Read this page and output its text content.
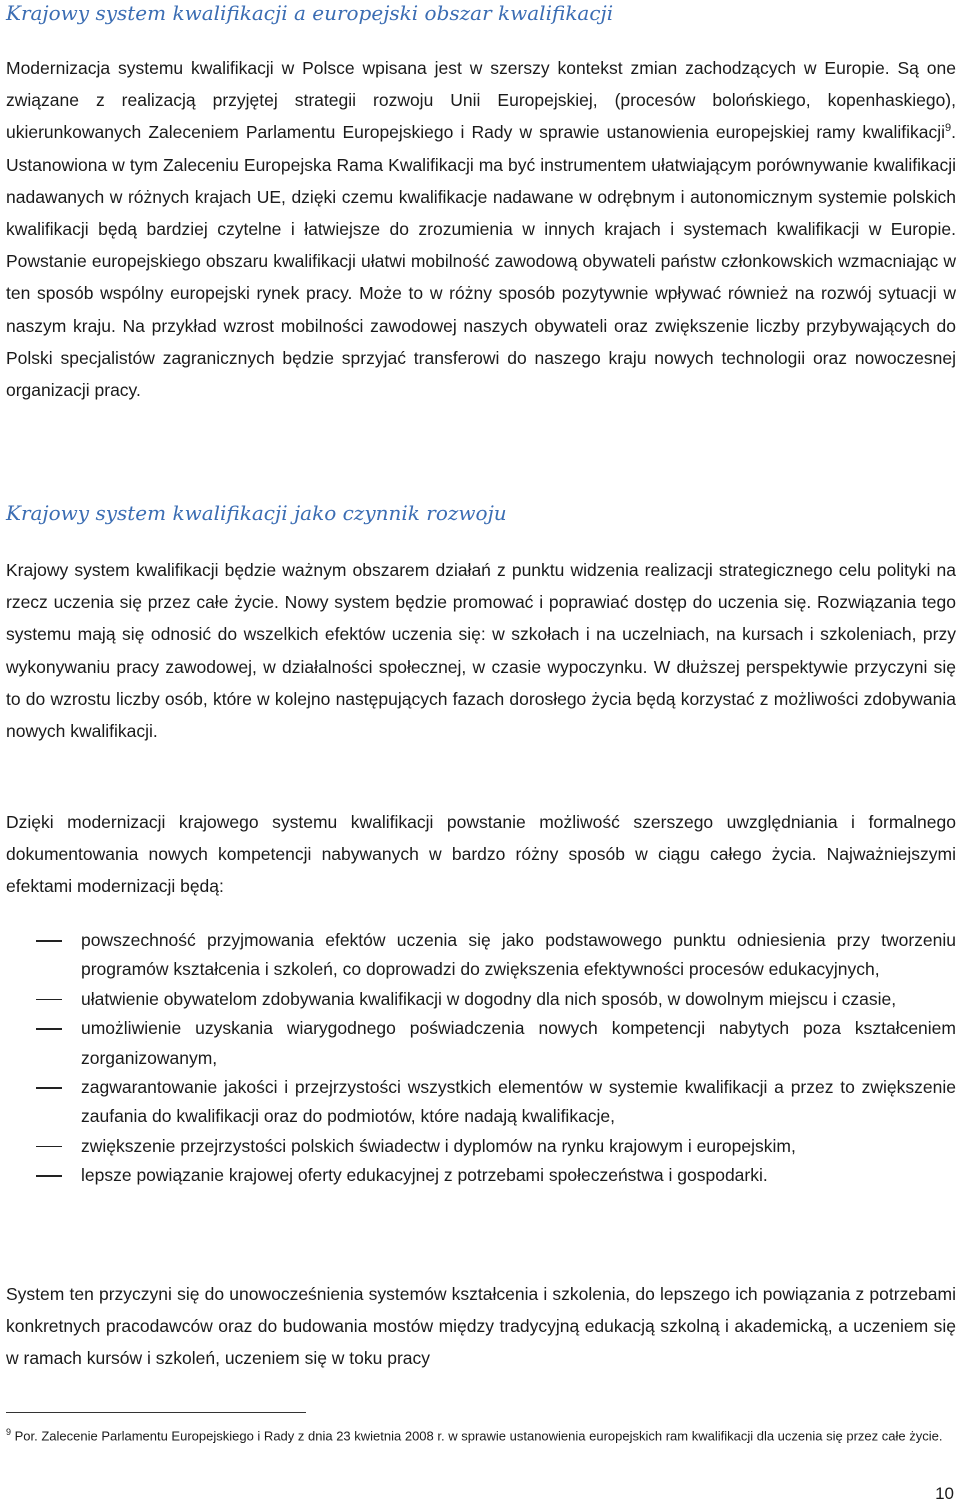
Krajowy system kwalifikacji a europejski obszar kwalifikacji

Modernizacja systemu kwalifikacji w Polsce wpisana jest w szerszy kontekst zmian zachodzących w Europie. Są one związane z realizacją przyjętej strategii rozwoju Unii Europejskiej, (procesów bolońskiego, kopenhaskiego), ukierunkowanych Zaleceniem Parlamentu Europejskiego i Rady w sprawie ustanowienia europejskiej ramy kwalifikacji$^9$. Ustanowiona w tym Zaleceniu Europejska Rama Kwalifikacji ma być instrumentem ułatwiającym porównywanie kwalifikacji nadawanych w różnych krajach UE, dzięki czemu kwalifikacje nadawane w odrębnym i autonomicznym systemie polskich kwalifikacji będą bardziej czytelne i łatwiejsze do zrozumienia w innych krajach i systemach kwalifikacji w Europie. Powstanie europejskiego obszaru kwalifikacji ułatwi mobilność zawodową obywateli państw członkowskich wzmacniając w ten sposób wspólny europejski rynek pracy. Może to w różny sposób pozytywnie wpływać również na rozwój sytuacji w naszym kraju. Na przykład wzrost mobilności zawodowej naszych obywateli oraz zwiększenie liczby przybywających do Polski specjalistów zagranicznych będzie sprzyjać transferowi do naszego kraju nowych technologii oraz nowoczesnej organizacji pracy.

Krajowy system kwalifikacji jako czynnik rozwoju

Krajowy system kwalifikacji będzie ważnym obszarem działań z punktu widzenia realizacji strategicznego celu polityki na rzecz uczenia się przez całe życie. Nowy system będzie promować i poprawiać dostęp do uczenia się. Rozwiązania tego systemu mają się odnosić do wszelkich efektów uczenia się: w szkołach i na uczelniach, na kursach i szkoleniach, przy wykonywaniu pracy zawodowej, w działalności społecznej, w czasie wypoczynku. W dłuższej perspektywie przyczyni się to do wzrostu liczby osób, które w kolejno następujących fazach dorosłego życia będą korzystać z możliwości zdobywania nowych kwalifikacji.

Dzięki modernizacji krajowego systemu kwalifikacji powstanie możliwość szerszego uwzględniania i formalnego dokumentowania nowych kompetencji nabywanych w bardzo różny sposób w ciągu całego życia. Najważniejszymi efektami modernizacji będą:

powszechność przyjmowania efektów uczenia się jako podstawowego punktu odniesienia przy tworzeniu programów kształcenia i szkoleń, co doprowadzi do zwiększenia efektywności procesów edukacyjnych,
ułatwienie obywatelom zdobywania kwalifikacji w dogodny dla nich sposób, w dowolnym miejscu i czasie,
umożliwienie uzyskania wiarygodnego poświadczenia nowych kompetencji nabytych poza kształceniem zorganizowanym,
zagwarantowanie jakości i przejrzystości wszystkich elementów w systemie kwalifikacji a przez to zwiększenie zaufania do kwalifikacji oraz do podmiotów, które nadają kwalifikacje,
zwiększenie przejrzystości polskich świadectw i dyplomów na rynku krajowym i europejskim,
lepsze powiązanie krajowej oferty edukacyjnej z potrzebami społeczeństwa i gospodarki.

System ten przyczyni się do unowocześnienia systemów kształcenia i szkolenia, do lepszego ich powiązania z potrzebami konkretnych pracodawców oraz do budowania mostów między tradycyjną edukacją szkolną i akademicką, a uczeniem się w ramach kursów i szkoleń, uczeniem się w toku pracy

$^9$ Por. Zalecenie Parlamentu Europejskiego i Rady z dnia 23 kwietnia 2008 r. w sprawie ustanowienia europejskich ram kwalifikacji dla uczenia się przez całe życie.
10
